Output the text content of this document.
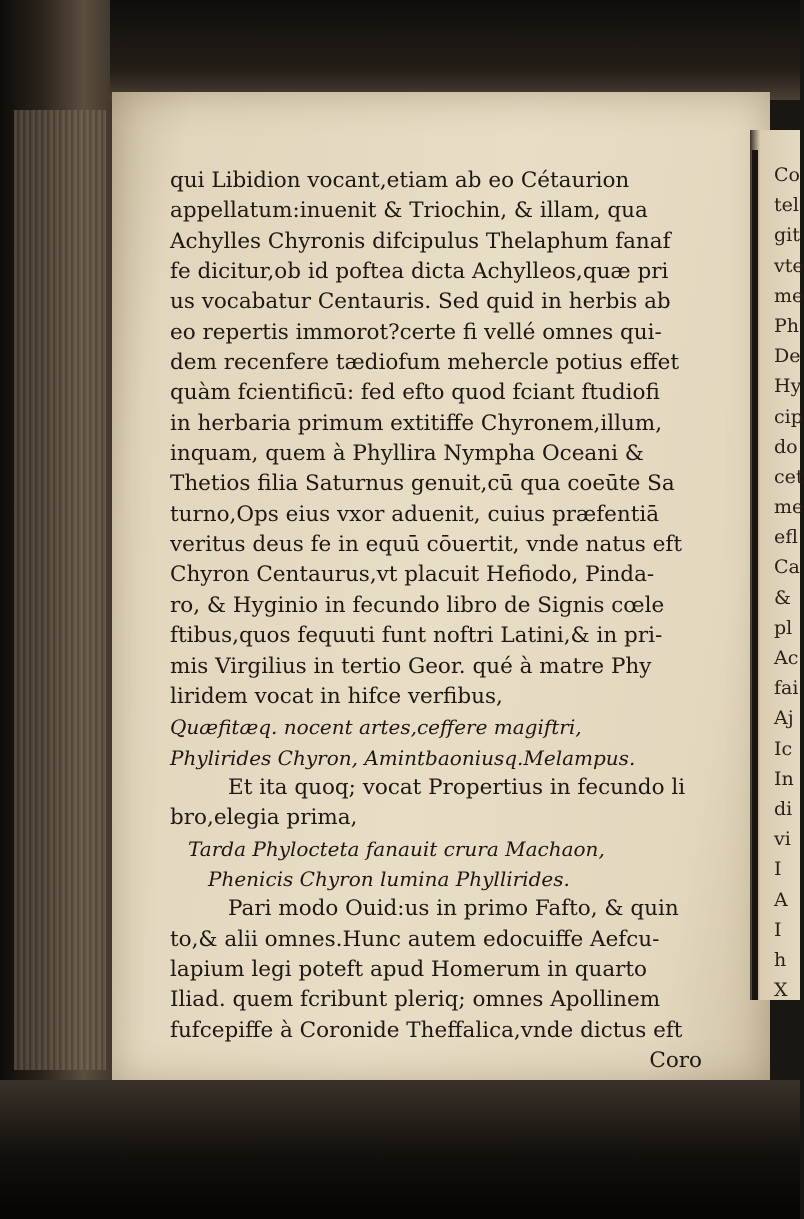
Co
tel
git
vte
me
Ph
De
Hy
cip
do
cet
me
efl
Ca
&
pl
Ac
fai
Aj
Ic
In
di
vi
I
A
I
h
X
qui Libidion vocant,etiam ab eo Cétaurion
appellatum:inuenit & Triochin, & illam, qua
Achylles Chyronis difcipulus Thelaphum fanaf
fe dicitur,ob id poftea dicta Achylleos,quæ pri
us vocabatur Centauris. Sed quid in herbis ab
eo repertis immorot?certe fi vellé omnes qui-
dem recenfere tædiofum mehercle potius effet
quàm fcientificū: fed efto quod fciant ftudiofi
in herbaria primum extitiffe Chyronem,illum,
inquam, quem à Phyllira Nympha Oceani &
Thetios filia Saturnus genuit,cū qua coeūte Sa
turno,Ops eius vxor aduenit, cuius præfentiā
veritus deus fe in equū cōuertit, vnde natus eft
Chyron Centaurus,vt placuit Hefiodo, Pinda-
ro, & Hyginio in fecundo libro de Signis cœle
ftibus,quos fequuti funt noftri Latini,& in pri-
mis Virgilius in tertio Geor. qué à matre Phy
liridem vocat in hifce verfibus,
Quæfitæq. nocent artes,ceffere magiftri,
Phylirides Chyron, Amintbaoniusq.Melampus.
Et ita quoq; vocat Propertius in fecundo li
bro,elegia prima,
Tarda Phylocteta fanauit crura Machaon,
Phenicis Chyron lumina Phyllirides.
Pari modo Ouid:us in primo Fafto, & quin
to,& alii omnes.Hunc autem edocuiffe Aefcu-
lapium legi poteft apud Homerum in quarto
Iliad. quem fcribunt pleriq; omnes Apollinem
fufcepiffe à Coronide Theffalica,vnde dictus eft
Coro
